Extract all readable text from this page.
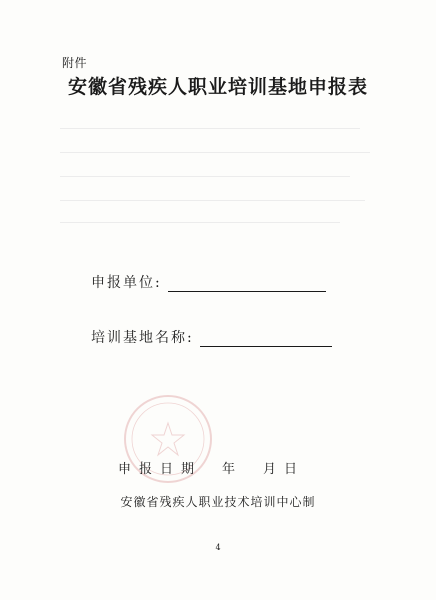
附件
安徽省残疾人职业培训基地申报表
申报单位:
培训基地名称:
申报日期 年 月日
安徽省残疾人职业技术培训中心制
4
